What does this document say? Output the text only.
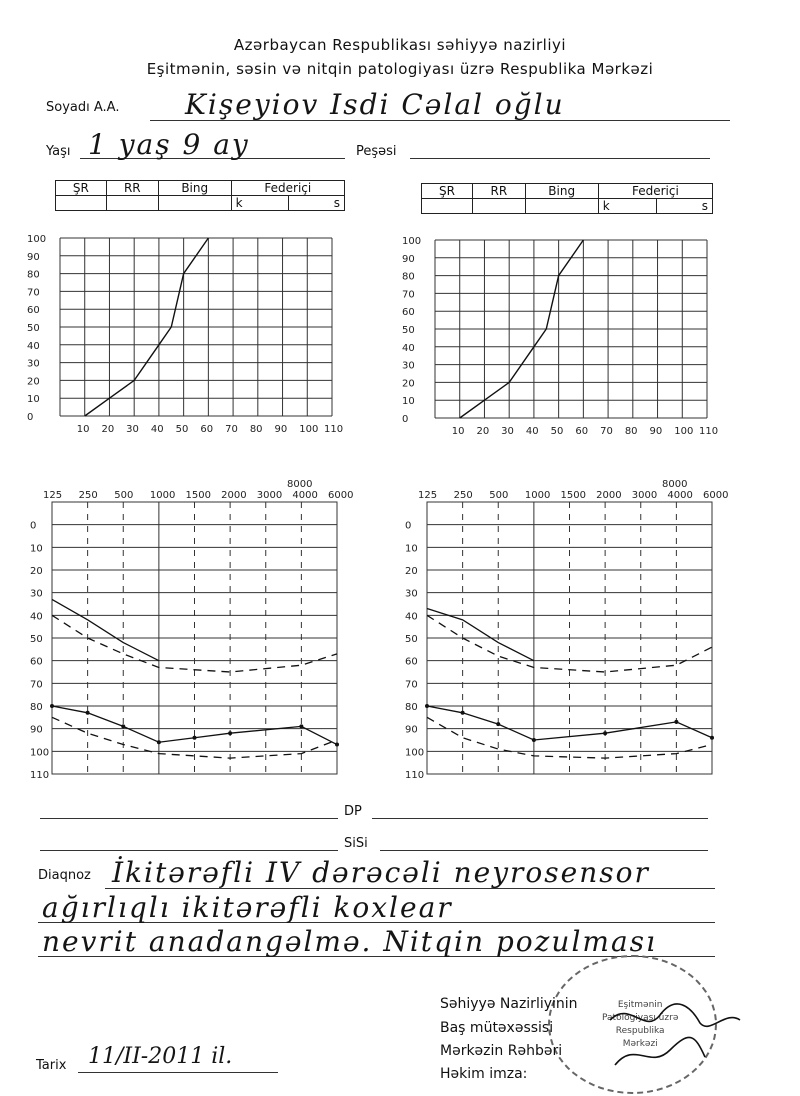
Azərbaycan Respublikası səhiyyə nazirliyi
Eşitmənin, səsin və nitqin patologiyası üzrə Respublika Mərkəzi
Soyadı A.A. Kişeyiov Isdi Cəlal oğlu
Yaşı 1 yaş 9 ay	Peşəsi
ŞR	RR	Bing	Federiçi	
			k	s
ŞR	RR	Bing	Federiçi	
			k	s
100
90
80
70
60
50
40
30
20
10
0
10 20 30 40 50 60 70 80 90 100 110
100
90
80
70
60
50
40
30
20
10
0
10 20 30 40 50 60 70 80 90 100 110
125 250 500 1000 1500 2000 3000 4000 6000
8000
0
10
20
30
40
50
60
70
80
90
100
110
125 250 500 1000 1500 2000 3000 4000 6000
8000
0
10
20
30
40
50
60
70
80
90
100
110
DP
SiSi
Diaqnoz İkitərəfli IV dərəcəli neyrosensor
ağırlıqlı ikitərəfli koxlear
nevrit anadangəlmə. Nitqin pozulması
Eşitmənin
Patologiyası üzrə
Respublika
Mərkəzi
Səhiyyə Nazirliyinin
Baş mütəxəssisi
Mərkəzin Rəhbəri
Həkim imza:
Tarix 11/II-2011 il.
